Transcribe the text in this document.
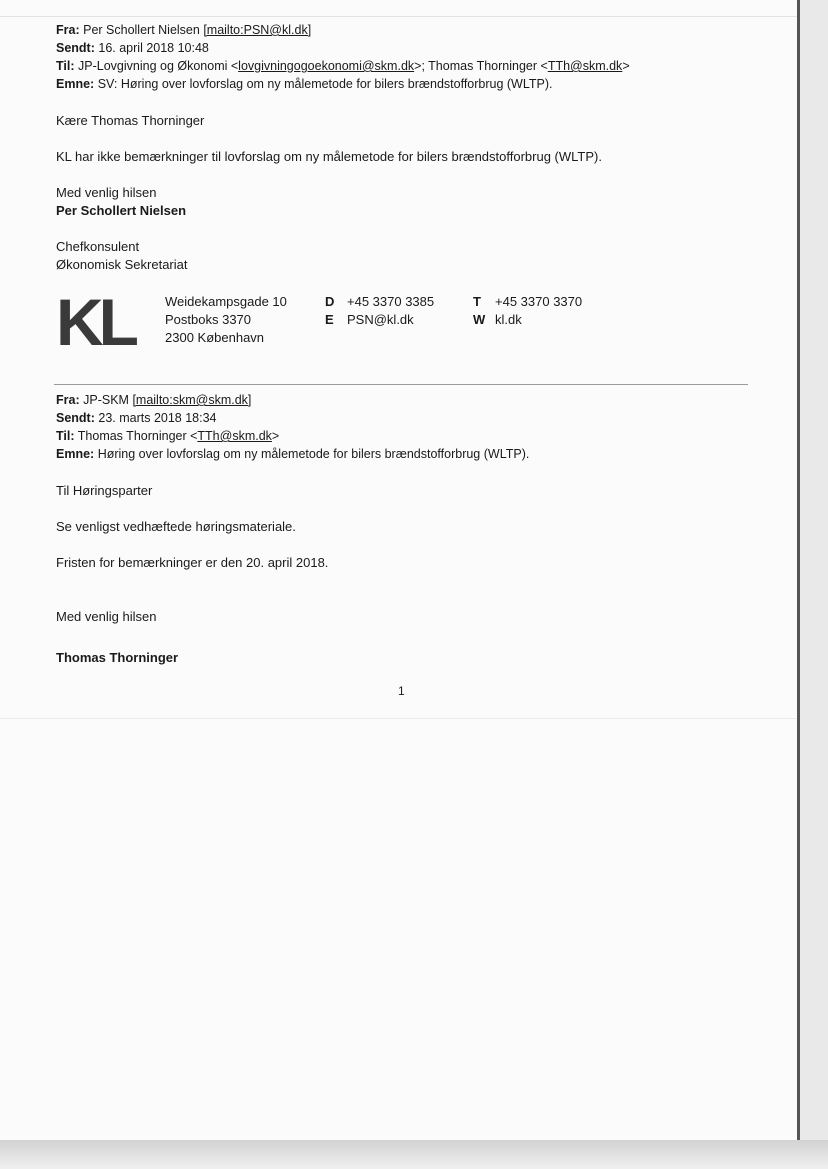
Fra: Per Schollert Nielsen [mailto:PSN@kl.dk]
Sendt: 16. april 2018 10:48
Til: JP-Lovgivning og Økonomi <lovgivningogoekonomi@skm.dk>; Thomas Thorninger <TTh@skm.dk>
Emne: SV: Høring over lovforslag om ny målemetode for bilers brændstofforbrug (WLTP).
Kære Thomas Thorninger
KL har ikke bemærkninger til lovforslag om ny målemetode for bilers brændstofforbrug (WLTP).
Med venlig hilsen
Per Schollert Nielsen
Chefkonsulent
Økonomisk Sekretariat
KL Weidekampsgade 10
Postboks 3370
2300 København
D +45 3370 3385
E PSN@kl.dk
T +45 3370 3370
W kl.dk
Fra: JP-SKM [mailto:skm@skm.dk]
Sendt: 23. marts 2018 18:34
Til: Thomas Thorninger <TTh@skm.dk>
Emne: Høring over lovforslag om ny målemetode for bilers brændstofforbrug (WLTP).
Til Høringsparter
Se venligst vedhæftede høringsmateriale.
Fristen for bemærkninger er den 20. april 2018.
Med venlig hilsen
Thomas Thorninger
1
